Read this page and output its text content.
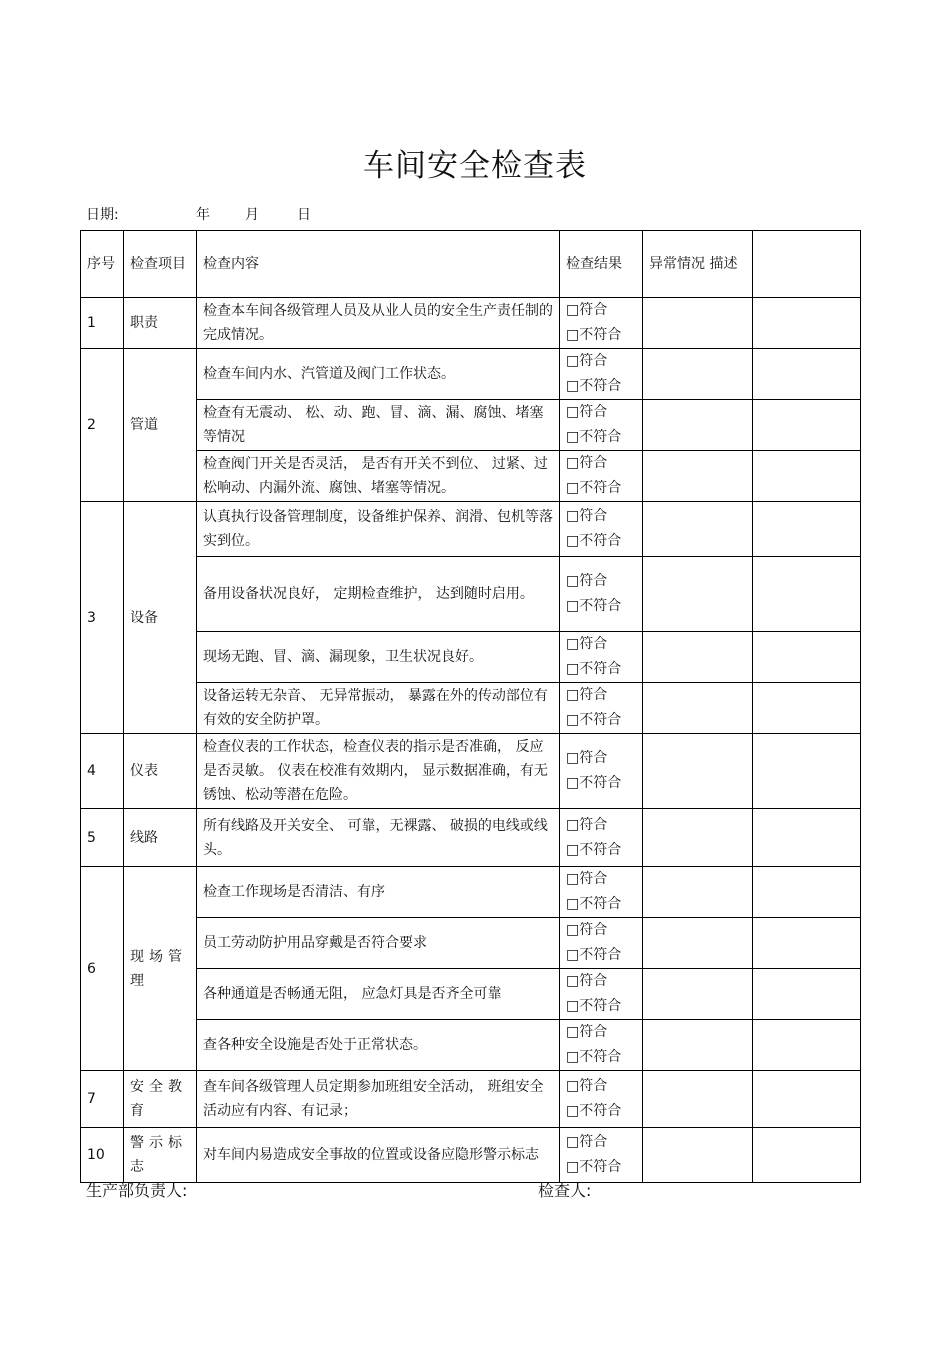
车间安全检查表
日期:	年	月	日
序号	检查项目	检查内容	检查结果	异常情况 描述	
1	职责	检查本车间各级管理人员及从业人员的安全生产责任制的完成情况。	□符合
□不符合		

2	管道	检查车间内水、汽管道及阀门工作状态。	□符合
□不符合		

		检查有无震动、 松、动、跑、冒、滴、漏、腐蚀、堵塞等情况	□符合
□不符合		

		检查阀门开关是否灵活， 是否有开关不到位、 过紧、过松响动、内漏外流、腐蚀、堵塞等情况。	□符合
□不符合		

3	设备	认真执行设备管理制度，设备维护保养、润滑、包机等落实到位。	□符合
□不符合		

		备用设备状况良好， 定期检查维护， 达到随时启用。	□符合
□不符合		

		现场无跑、冒、滴、漏现象，卫生状况良好。	□符合
□不符合		

		设备运转无杂音、 无异常振动， 暴露在外的传动部位有有效的安全防护罩。	□符合
□不符合		

4	仪表	检查仪表的工作状态，检查仪表的指示是否准确， 反应是否灵敏。 仪表在校准有效期内， 显示数据准确，有无锈蚀、松动等潜在危险。	□符合
□不符合		

5	线路	所有线路及开关安全、 可靠，无裸露、 破损的电线或线头。	□符合
□不符合		

6	现场管理	检查工作现场是否清洁、有序	□符合
□不符合		

		员工劳动防护用品穿戴是否符合要求	□符合
□不符合		

		各种通道是否畅通无阻， 应急灯具是否齐全可靠	□符合
□不符合		

		查各种安全设施是否处于正常状态。	□符合
□不符合		

7	安全教育	查车间各级管理人员定期参加班组安全活动， 班组安全活动应有内容、有记录；	□符合
□不符合		

10	警示标志	对车间内易造成安全事故的位置或设备应隐形警示标志	□符合
□不符合		

生产部负责人:	检查人:
